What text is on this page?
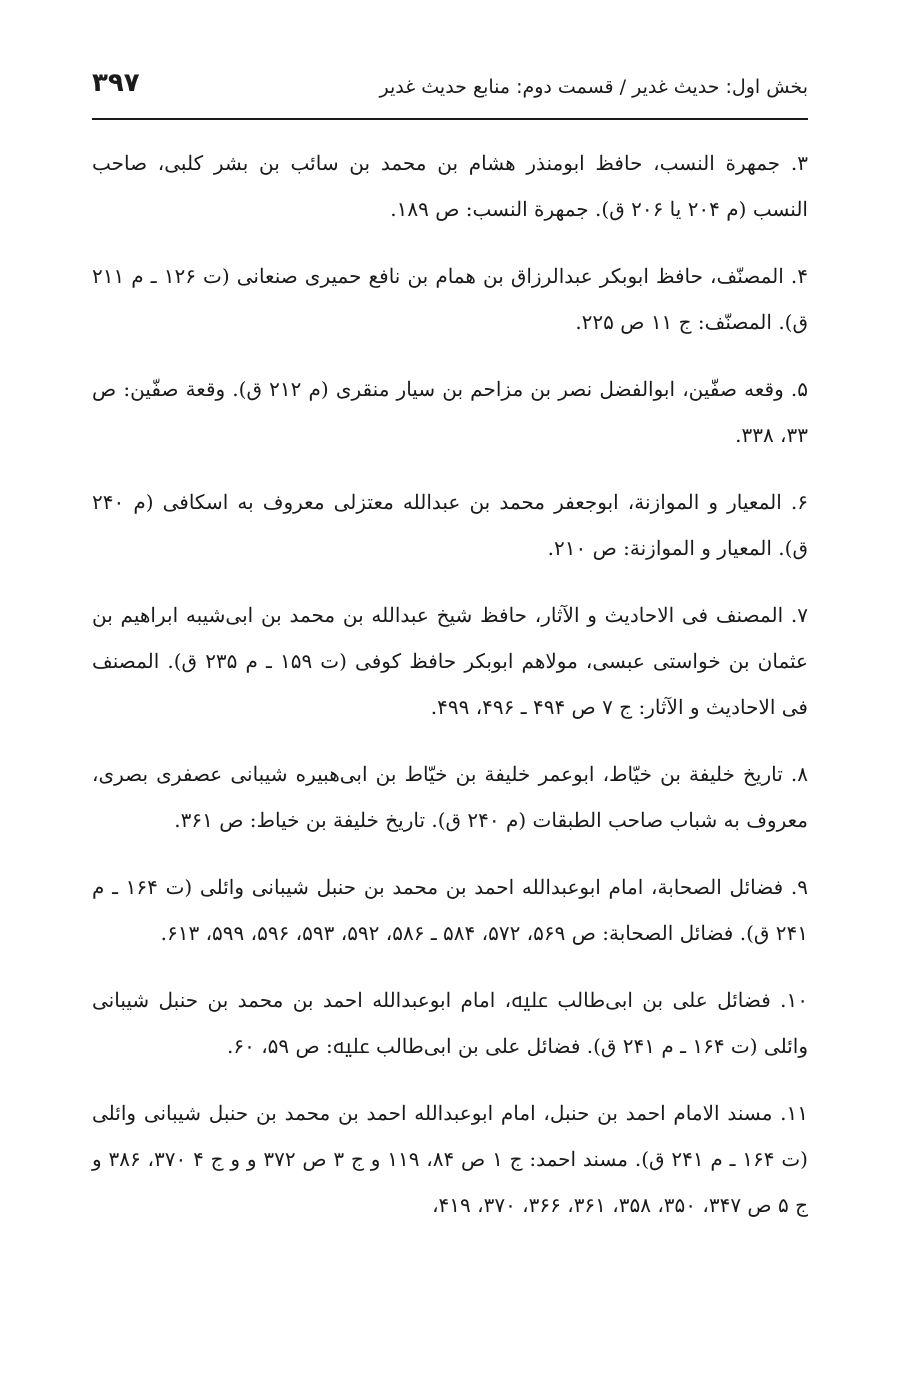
بخش اول: حدیث غدیر / قسمت دوم: منابع حدیث غدیر
۳۹۷

۳. جمهرة النسب، حافظ ابومنذر هشام بن محمد بن سائب بن بشر کلبی، صاحب النسب (م ۲۰۴ یا ۲۰۶ ق). جمهرة النسب: ص ۱۸۹.

۴. المصنّف، حافظ ابوبکر عبدالرزاق بن همام بن نافع حمیری صنعانی (ت ۱۲۶ ـ م ۲۱۱ ق). المصنّف: ج ۱۱ ص ۲۲۵.

۵. وقعه صفّین، ابوالفضل نصر بن مزاحم بن سیار منقری (م ۲۱۲ ق). وقعة صفّین: ص ۳۳، ۳۳۸.

۶. المعیار و الموازنة، ابوجعفر محمد بن عبدالله معتزلی معروف به اسکافی (م ۲۴۰ ق). المعیار و الموازنة: ص ۲۱۰.

۷. المصنف فی الاحادیث و الآثار، حافظ شیخ عبدالله بن محمد بن ابی‌شیبه ابراهیم بن عثمان بن خواستی عبسی، مولاهم ابوبکر حافظ کوفی (ت ۱۵۹ ـ م ۲۳۵ ق). المصنف فی الاحادیث و الآثار: ج ۷ ص ۴۹۴ ـ ۴۹۶، ۴۹۹.

۸. تاریخ خلیفة بن خیّاط، ابوعمر خلیفة بن خیّاط بن ابی‌هبیره شیبانی عصفری بصری، معروف به شباب صاحب الطبقات (م ۲۴۰ ق). تاریخ خلیفة بن خیاط: ص ۳۶۱.

۹. فضائل الصحابة، امام ابوعبدالله احمد بن محمد بن حنبل شیبانی وائلی (ت ۱۶۴ ـ م ۲۴۱ ق). فضائل الصحابة: ص ۵۶۹، ۵۷۲، ۵۸۴ ـ ۵۸۶، ۵۹۲، ۵۹۳، ۵۹۶، ۵۹۹، ۶۱۳.

۱۰. فضائل علی بن ابی‌طالب ﷷ، امام ابوعبدالله احمد بن محمد بن حنبل شیبانی وائلی (ت ۱۶۴ ـ م ۲۴۱ ق). فضائل علی بن ابی‌طالب ﷷ: ص ۵۹، ۶۰.

۱۱. مسند الامام احمد بن حنبل، امام ابوعبدالله احمد بن محمد بن حنبل شیبانی وائلی (ت ۱۶۴ ـ م ۲۴۱ ق). مسند احمد: ج ۱ ص ۸۴، ۱۱۹ و ج ۳ ص ۳۷۲ و و ج ۴ ۳۷۰، ۳۸۶ و ج ۵ ص ۳۴۷، ۳۵۰، ۳۵۸، ۳۶۱، ۳۶۶، ۳۷۰، ۴۱۹،
